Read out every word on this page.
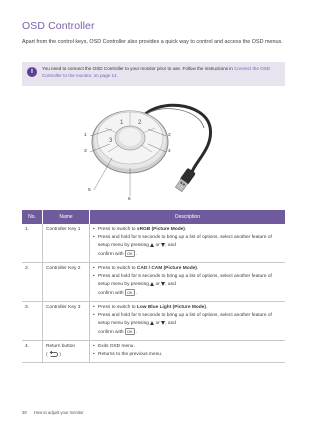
OSD Controller
Apart from the control keys, OSD Controller also provides a quick way to control and access the OSD menus.
i	You need to connect the OSD Controller to your monitor prior to use. Follow the instructions in Connect the OSD Controller to the monitor. on page 14.
1 2
3
1	2
3	4
5
6
No.	Name	Description
1.	Controller Key 1	• Press to switch to sRGB (Picture Mode).
• Press and hold for 5 seconds to bring up a list of options, select another feature of setup menu by pressing or , and
confirm with OK .

2.	Controller Key 2	• Press to switch to CAD / CAM (Picture Mode).
• Press and hold for 5 seconds to bring up a list of options, select another feature of setup menu by pressing or , and
confirm with OK .

3.	Controller Key 3	• Press to switch to Low Blue Light (Picture Mode).
• Press and hold for 5 seconds to bring up a list of options, select another feature of setup menu by pressing or , and
confirm with OK .

4.	Return button
( )	• Exits OSD menu.
• Returns to the previous menu.
38 How to adjust your monitor
